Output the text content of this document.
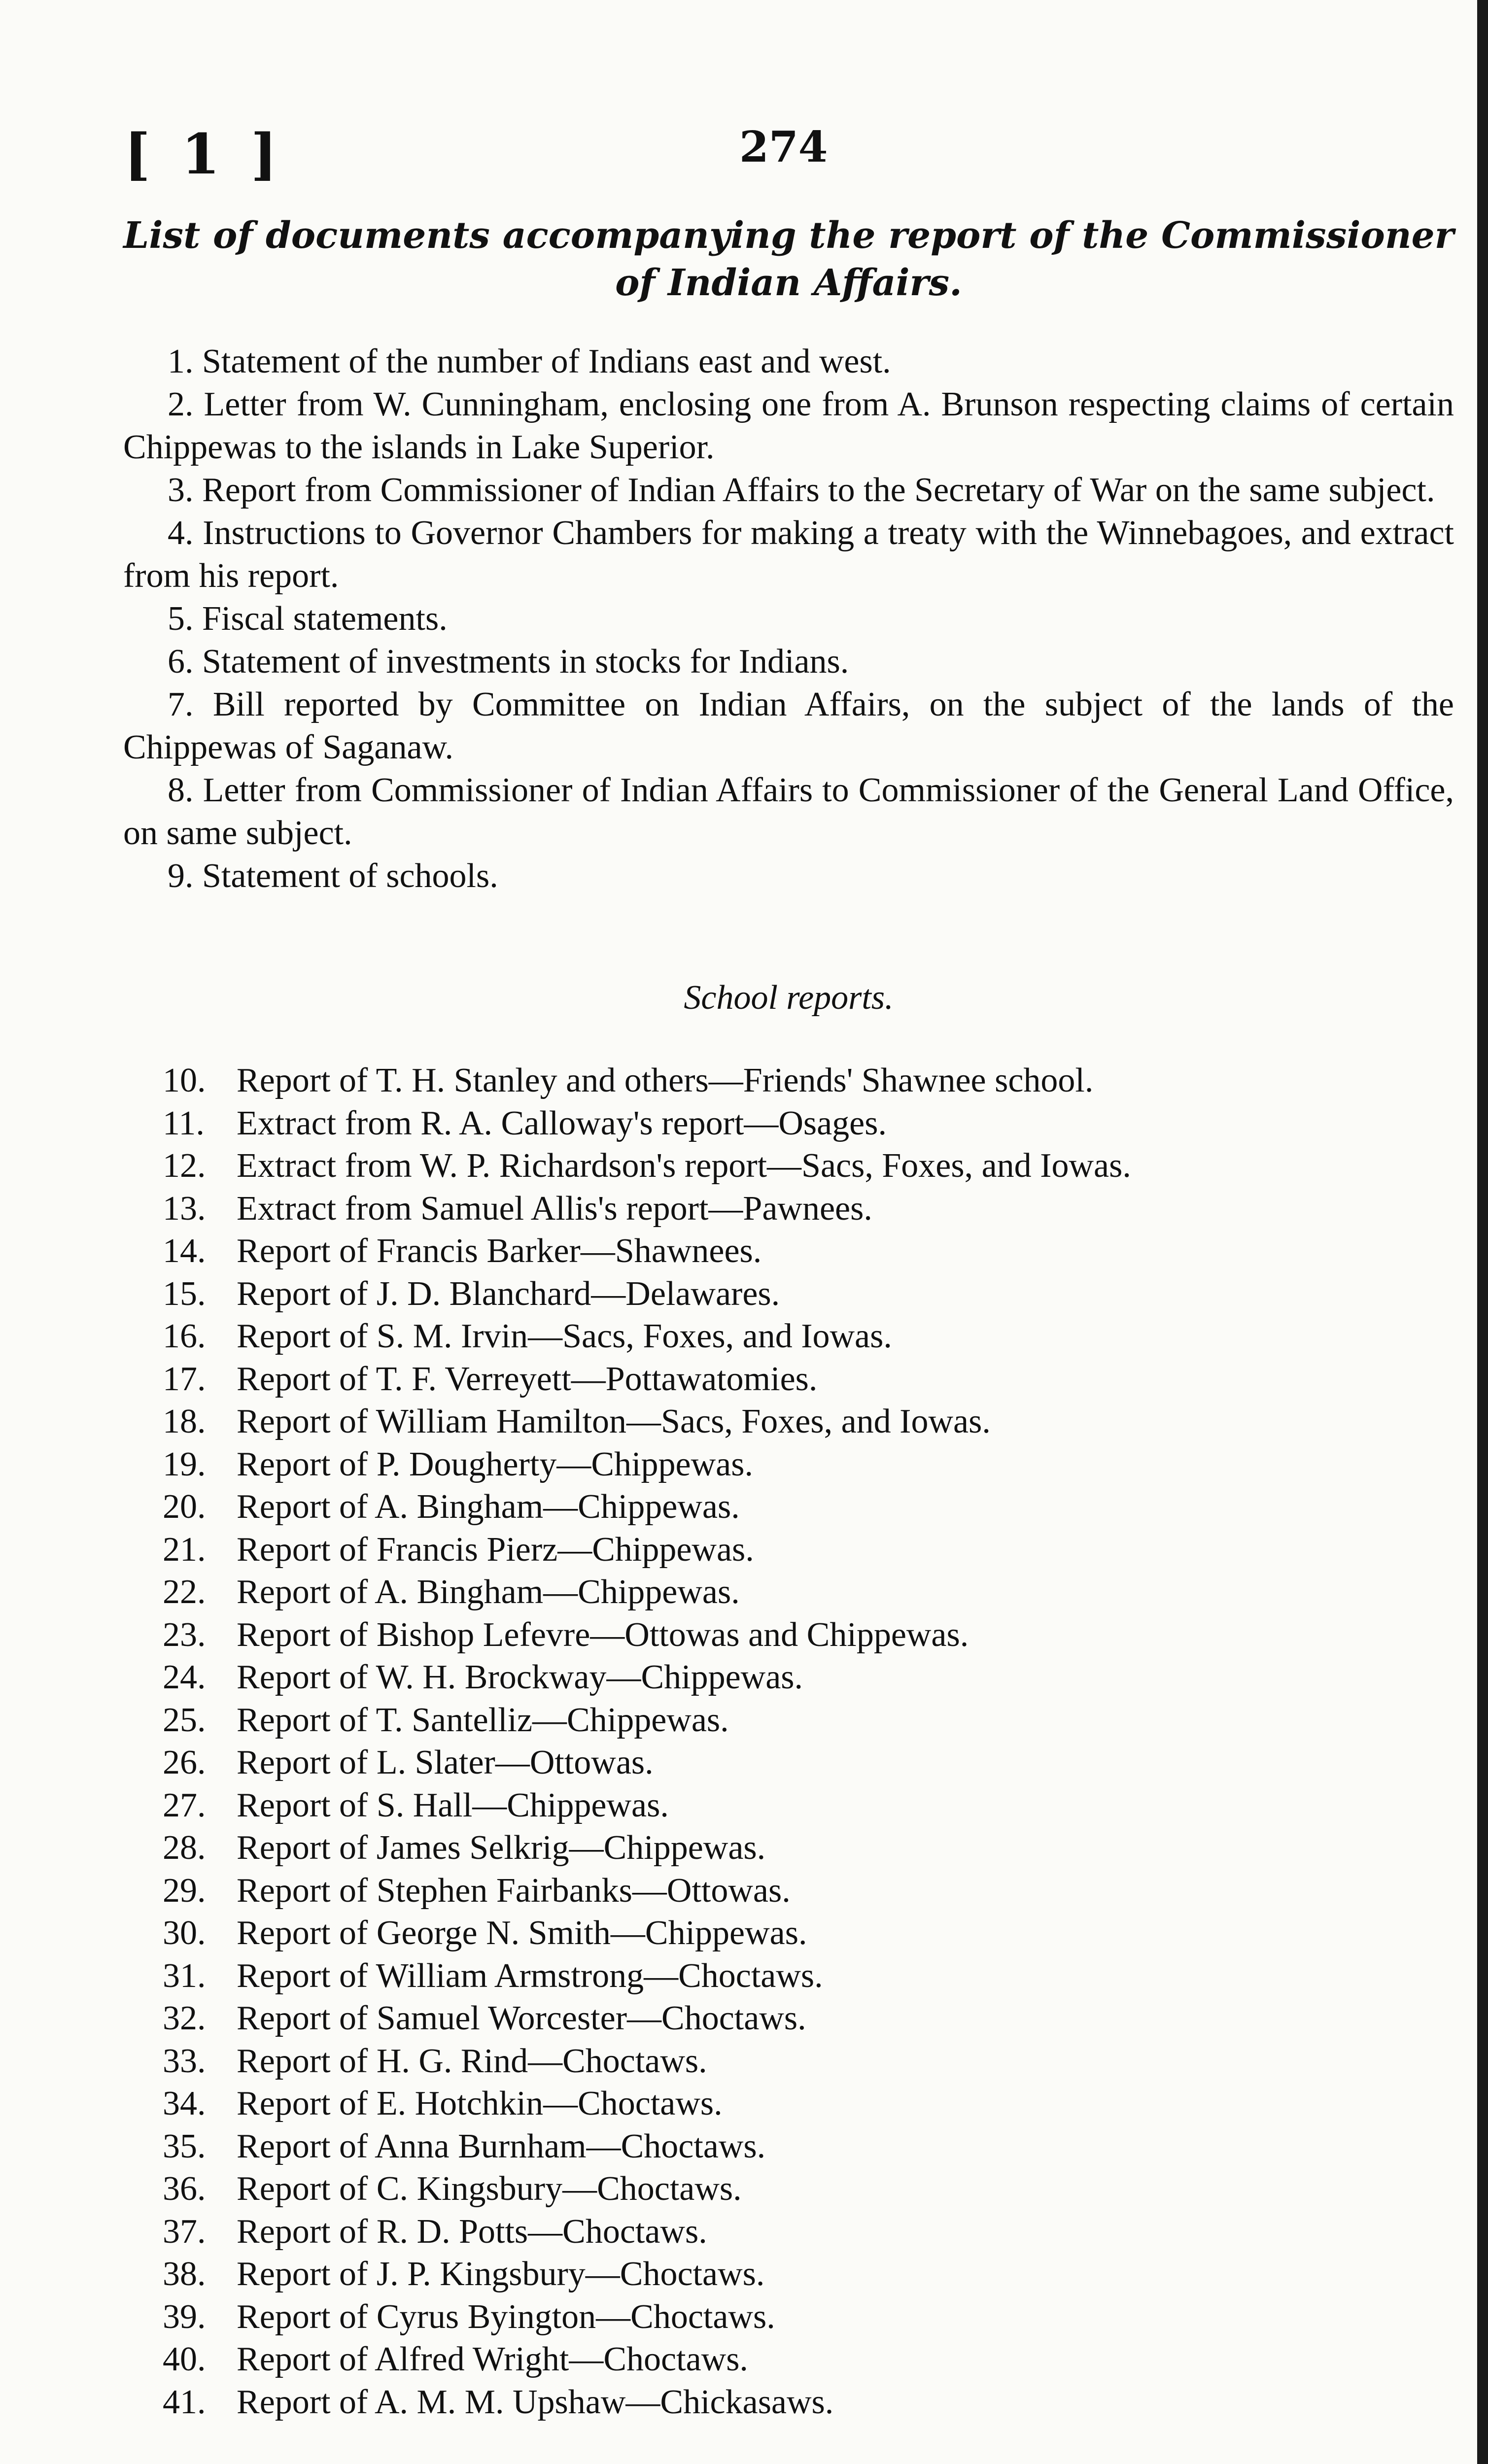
[ 1 ]	274
List of documents accompanying the report of the Commissioner of Indian Affairs.
1. Statement of the number of Indians east and west.
2. Letter from W. Cunningham, enclosing one from A. Brunson respecting claims of certain Chippewas to the islands in Lake Superior.
3. Report from Commissioner of Indian Affairs to the Secretary of War on the same subject.
4. Instructions to Governor Chambers for making a treaty with the Winnebagoes, and extract from his report.
5. Fiscal statements.
6. Statement of investments in stocks for Indians.
7. Bill reported by Committee on Indian Affairs, on the subject of the lands of the Chippewas of Saganaw.
8. Letter from Commissioner of Indian Affairs to Commissioner of the General Land Office, on same subject.
9. Statement of schools.
School reports.
10. Report of T. H. Stanley and others—Friends' Shawnee school.
11. Extract from R. A. Calloway's report—Osages.
12. Extract from W. P. Richardson's report—Sacs, Foxes, and Iowas.
13. Extract from Samuel Allis's report—Pawnees.
14. Report of Francis Barker—Shawnees.
15. Report of J. D. Blanchard—Delawares.
16. Report of S. M. Irvin—Sacs, Foxes, and Iowas.
17. Report of T. F. Verreyett—Pottawatomies.
18. Report of William Hamilton—Sacs, Foxes, and Iowas.
19. Report of P. Dougherty—Chippewas.
20. Report of A. Bingham—Chippewas.
21. Report of Francis Pierz—Chippewas.
22. Report of A. Bingham—Chippewas.
23. Report of Bishop Lefevre—Ottowas and Chippewas.
24. Report of W. H. Brockway—Chippewas.
25. Report of T. Santelliz—Chippewas.
26. Report of L. Slater—Ottowas.
27. Report of S. Hall—Chippewas.
28. Report of James Selkrig—Chippewas.
29. Report of Stephen Fairbanks—Ottowas.
30. Report of George N. Smith—Chippewas.
31. Report of William Armstrong—Choctaws.
32. Report of Samuel Worcester—Choctaws.
33. Report of H. G. Rind—Choctaws.
34. Report of E. Hotchkin—Choctaws.
35. Report of Anna Burnham—Choctaws.
36. Report of C. Kingsbury—Choctaws.
37. Report of R. D. Potts—Choctaws.
38. Report of J. P. Kingsbury—Choctaws.
39. Report of Cyrus Byington—Choctaws.
40. Report of Alfred Wright—Choctaws.
41. Report of A. M. M. Upshaw—Chickasaws.
